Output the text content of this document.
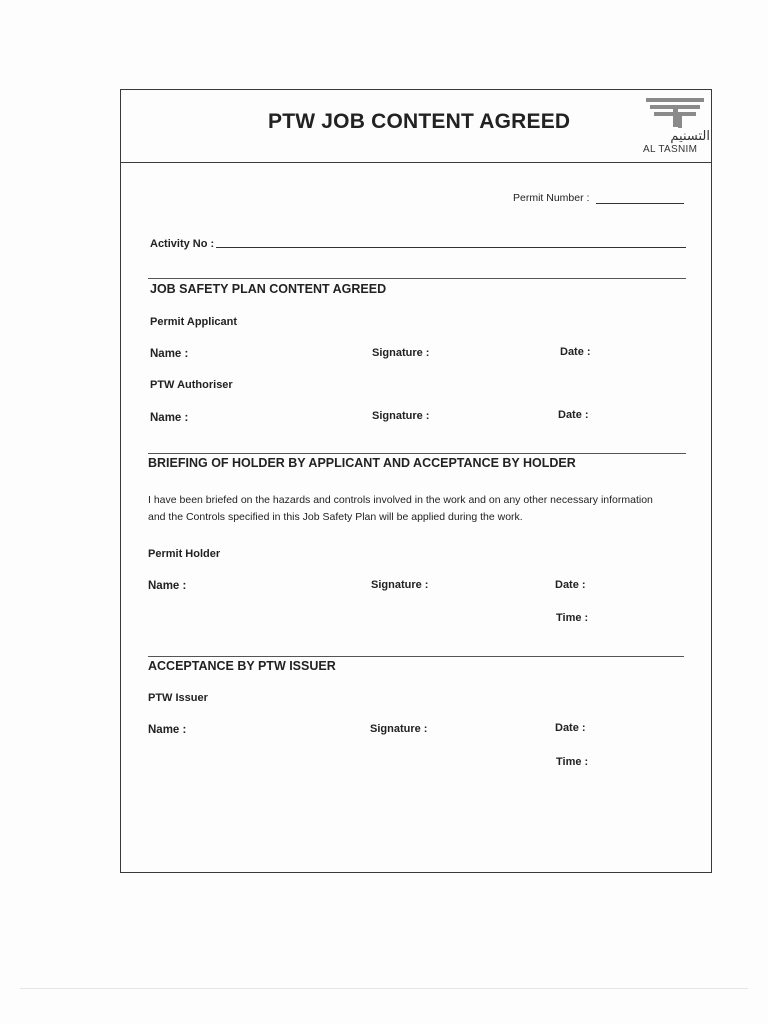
PTW JOB CONTENT AGREED
التسنيم
AL TASNIM
Permit Number :
Activity No :
JOB SAFETY PLAN CONTENT AGREED
Permit Applicant
Name :	Signature :	Date :
PTW Authoriser
Name :	Signature :	Date :
BRIEFING OF HOLDER BY APPLICANT AND ACCEPTANCE BY HOLDER
I have been briefed on the hazards and controls involved in the work and on any other necessary information and the Controls specified in this Job Safety Plan will be applied during the work.
Permit Holder
Name :	Signature :	Date :
Time :
ACCEPTANCE BY PTW ISSUER
PTW Issuer
Name :	Signature :	Date :
Time :
